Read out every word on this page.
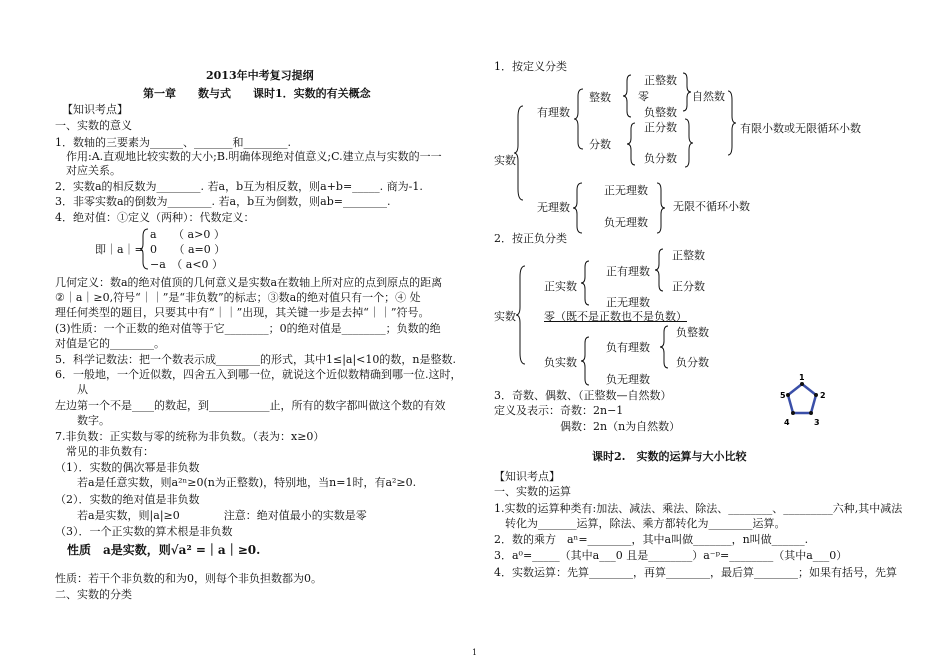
2013年中考复习提纲
第一章　　数与式　　课时1．实数的有关概念
【知识考点】
一、实数的意义
1．数轴的三要素为______、_______和________.
　作用:A.直观地比较实数的大小;B.明确体现绝对值意义;C.建立点与实数的一一
　对应关系。
2．实数a的相反数为________. 若a，b互为相反数，则a+b=_____. 商为-1.
3．非零实数a的倒数为________. 若a，b互为倒数，则ab=________.
4．绝对值：①定义（两种）：代数定义：
即｜a｜=
a　　（ a>0 ）
0　　（ a=0 ）
−a　（ a<0 ）
几何定义：数a的绝对值顶的几何意义是实数a在数轴上所对应的点到原点的距离
②｜a｜≥0,符号“｜｜”是“非负数”的标志；③数a的绝对值只有一个；④ 处
理任何类型的题目，只要其中有“｜｜”出现，其关键一步是去掉“｜｜”符号。
(3)性质：一个正数的绝对值等于它________；0的绝对值是________；负数的绝
对值是它的________。
5．科学记数法：把一个数表示成________的形式，其中1≤|a|<10的数，n是整数.
6．一般地，一个近似数，四舍五入到哪一位，就说这个近似数精确到哪一位.这时，
　　从
左边第一个不是____的数起，到___________止，所有的数字都叫做这个数的有效
　　数字。
7.非负数：正实数与零的统称为非负数。（表为：x≥0）
　常见的非负数有：
（1）．实数的偶次幂是非负数
　　若a是任意实数，则a²ⁿ≥0(n为正整数)，特别地，当n=1时，有a²≥0.
（2）．实数的绝对值是非负数
　　若a是实数，则|a|≥0　　　　注意：绝对值最小的实数是零
（3）．一个正实数的算术根是非负数
　性质　a是实数，则√a² =｜a｜≥0.
性质：若干个非负数的和为0，则每个非负担数都为0。
二、实数的分类
1．按定义分类
实数
有理数
整数
正整数
零
负整数
自然数
分数
正分数
负分数
有限小数或无限循环小数
无理数
正无理数
负无理数
无限不循环小数
2．按正负分类
实数
正实数
正有理数
正整数
正分数
正无理数
零（既不是正数也不是负数）
负实数
负有理数
负整数
负分数
负无理数
3．奇数、偶数、（正整数—自然数）
定义及表示：奇数：2n−1
偶数：2n（n为自然数）
1
2
3
4
5
课时2.　实数的运算与大小比较
【知识考点】
一、实数的运算
1.实数的运算种类有:加法、减法、乘法、除法、________、_________六种,其中减法
　转化为_______运算，除法、乘方都转化为________运算。
2．数的乘方　aⁿ=________，其中a叫做_______，n叫做______.
3．a⁰=_____（其中a___0 且是________）a⁻ᵖ=________（其中a___0）
4．实数运算：先算________，再算________，最后算________；如果有括号，先算
1
